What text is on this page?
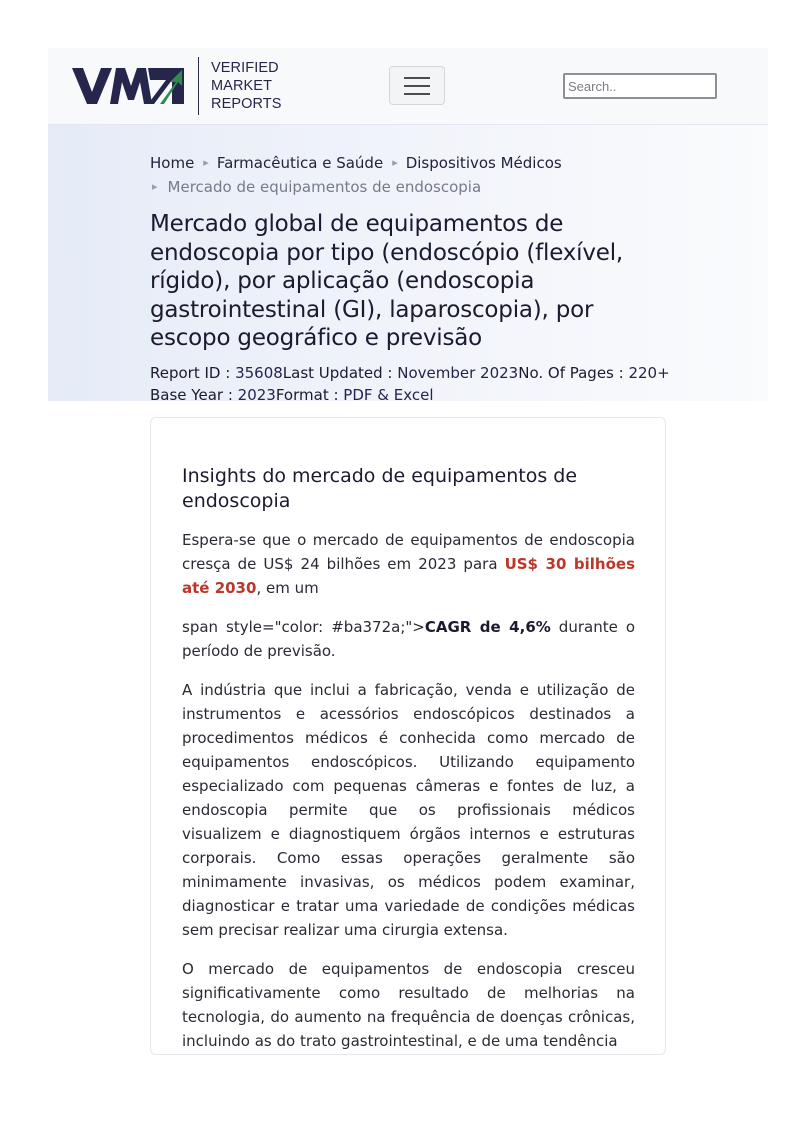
VERIFIED
MARKET
REPORTS
Search..
Home ▸ Farmacêutica e Saúde ▸ Dispositivos Médicos
▸ Mercado de equipamentos de endoscopia
Mercado global de equipamentos de endoscopia por tipo (endoscópio (flexível, rígido), por aplicação (endoscopia gastrointestinal (GI), laparoscopia), por escopo geográfico e previsão
Report ID : 35608Last Updated : November 2023No. Of Pages : 220+
Base Year : 2023Format : PDF & Excel
Insights do mercado de equipamentos de endoscopia

Espera-se que o mercado de equipamentos de endoscopia cresça de US$ 24 bilhões em 2023 para US$ 30 bilhões até 2030, em um

span style="color: #ba372a;">CAGR de 4,6% durante o período de previsão.

A indústria que inclui a fabricação, venda e utilização de instrumentos e acessórios endoscópicos destinados a procedimentos médicos é conhecida como mercado de equipamentos endoscópicos. Utilizando equipamento especializado com pequenas câmeras e fontes de luz, a endoscopia permite que os profissionais médicos visualizem e diagnostiquem órgãos internos e estruturas corporais. Como essas operações geralmente são minimamente invasivas, os médicos podem examinar, diagnosticar e tratar uma variedade de condições médicas sem precisar realizar uma cirurgia extensa.

O mercado de equipamentos de endoscopia cresceu significativamente como resultado de melhorias na tecnologia, do aumento na frequência de doenças crônicas, incluindo as do trato gastrointestinal, e de uma tendência
